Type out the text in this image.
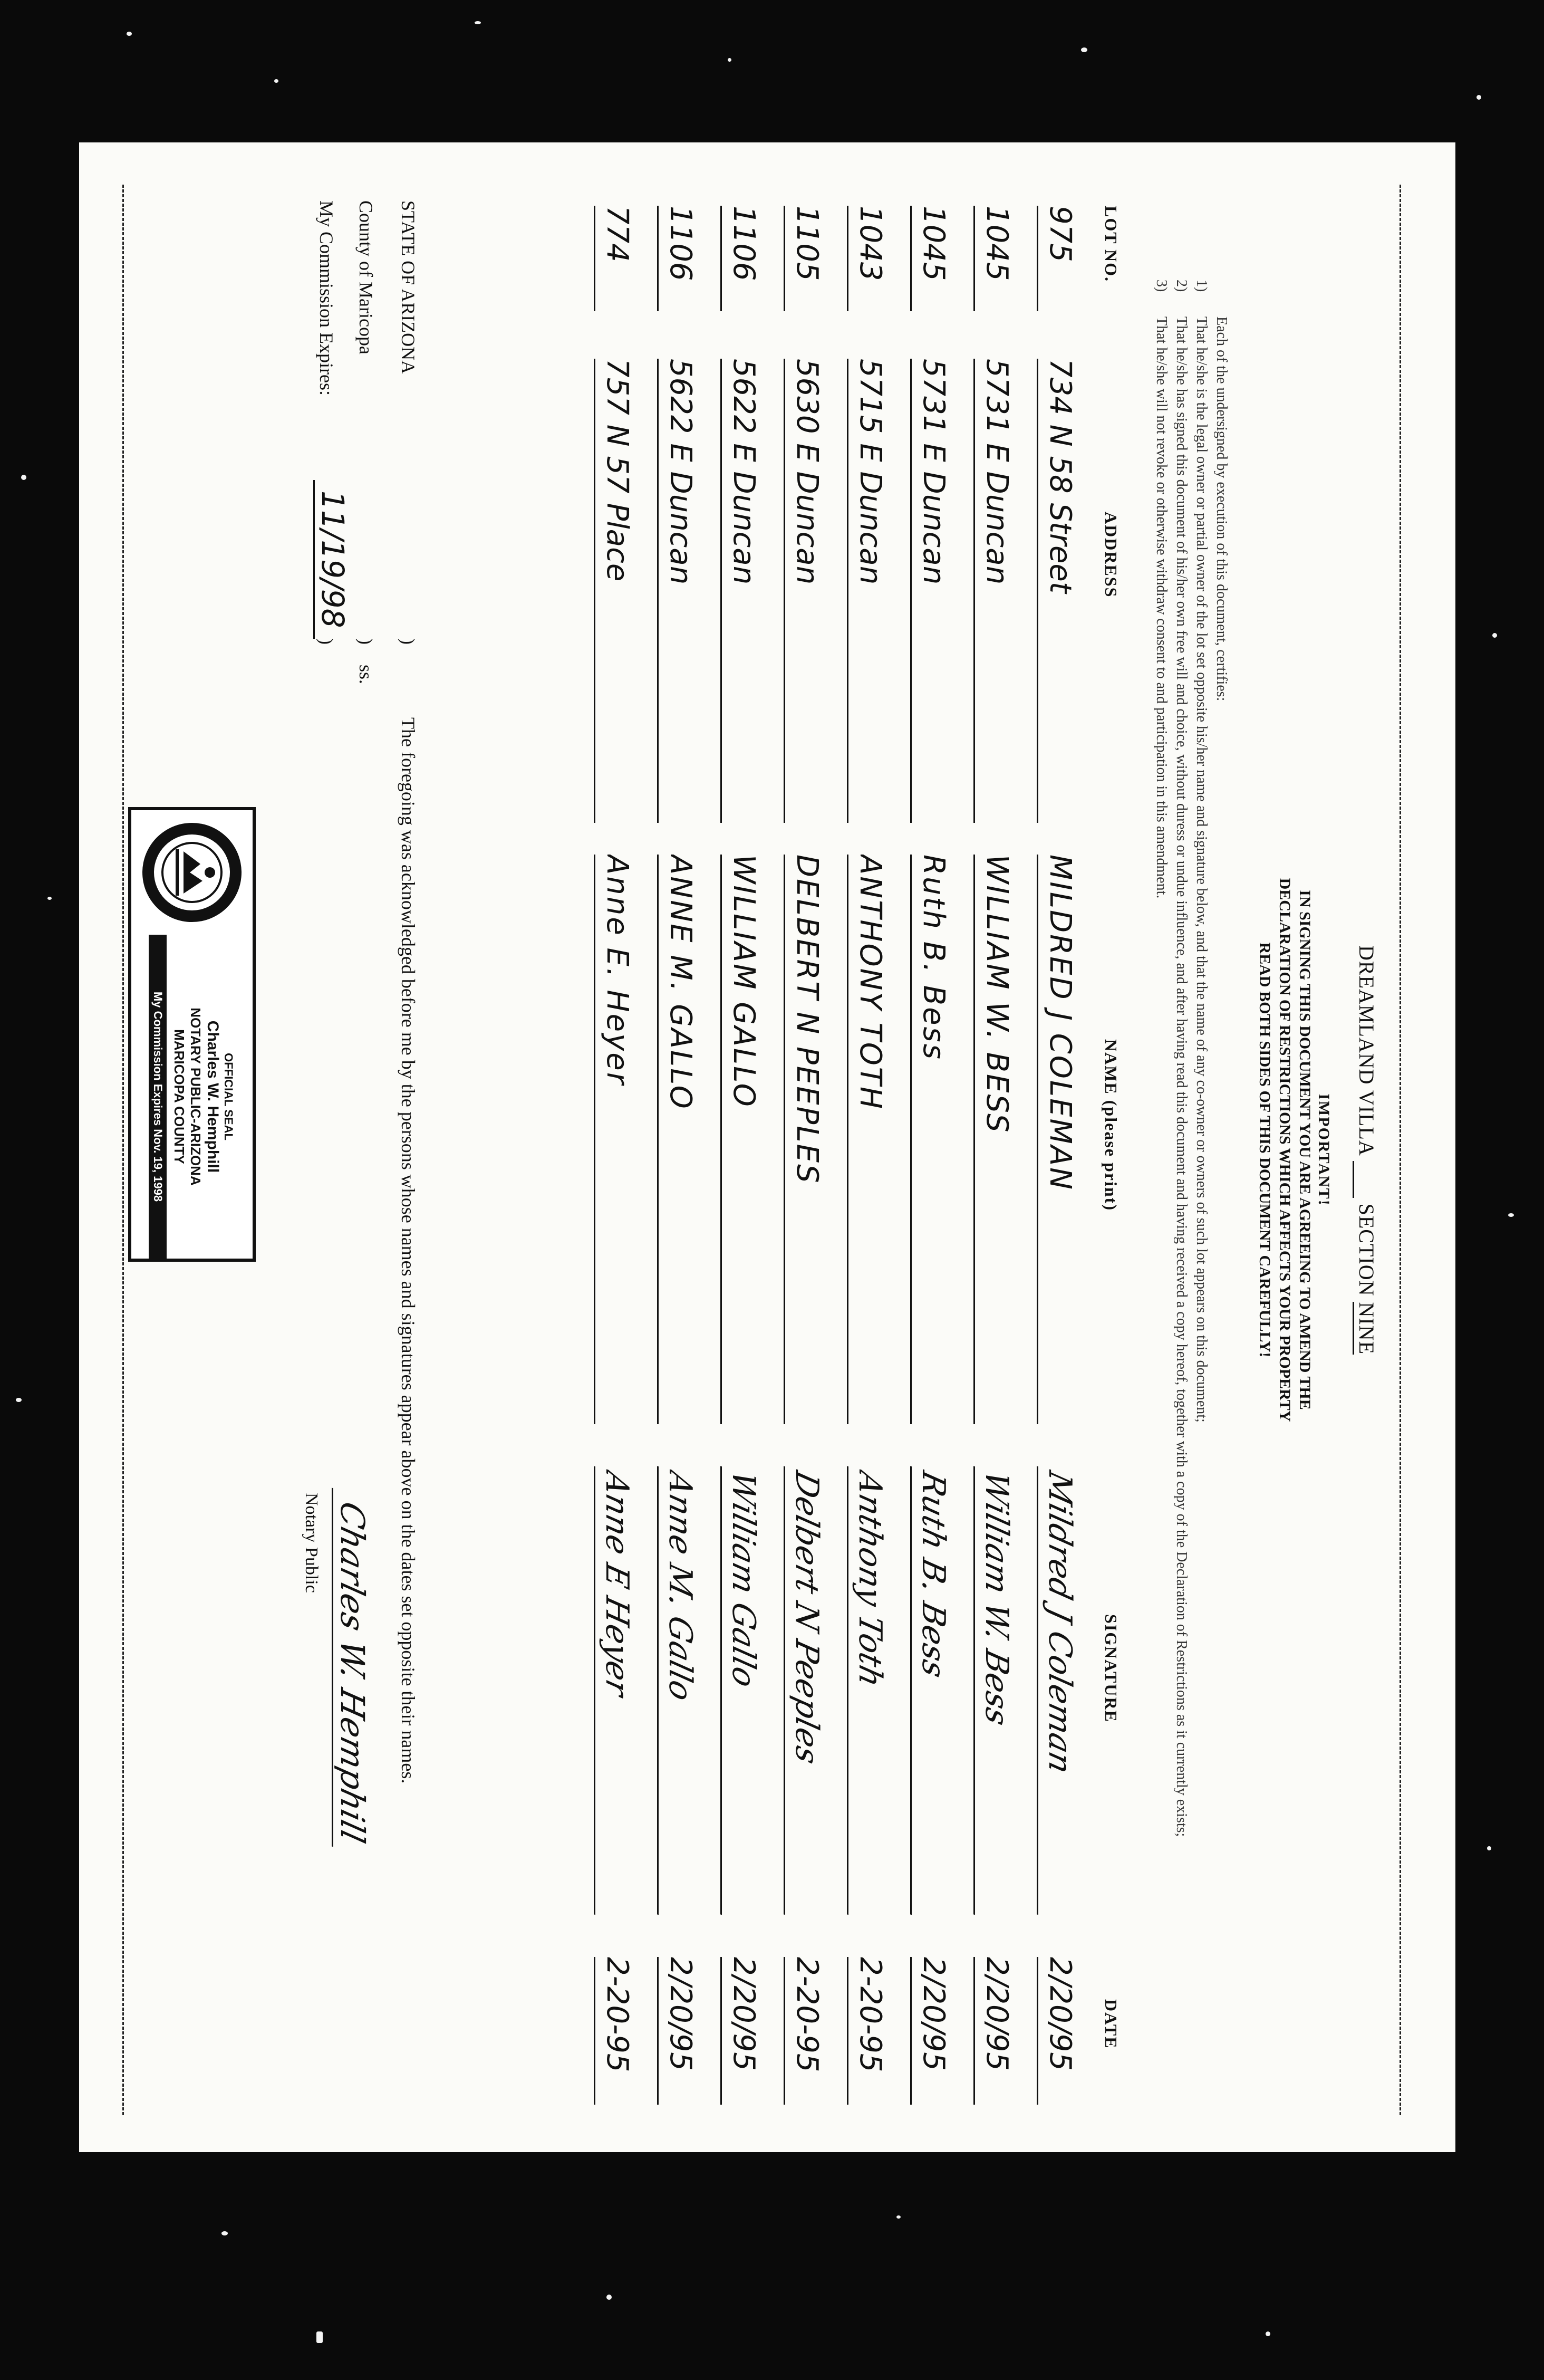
DREAMLAND VILLA   SECTION NINE
IMPORTANT!
IN SIGNING THIS DOCUMENT YOU ARE AGREEING TO AMEND THE
DECLARATION OF RESTRICTIONS WHICH AFFECTS YOUR PROPERTY
READ BOTH SIDES OF THIS DOCUMENT CAREFULLY!
Each of the undersigned by execution of this document, certifies:
1)
That he/she is the legal owner or partial owner of the lot set opposite his/her name and signature below, and that the name of any co-owner or owners of such lot appears on this document;
2)
That he/she has signed this document of his/her own free will and choice, without duress or undue influence, and after having read this document and having received a copy hereof, together with a copy of the Declaration of Restrictions as it currently exists;
3)
That he/she will not revoke or otherwise withdraw consent to and participation in this amendment.
LOT NO.
ADDRESS
NAME (please print)
SIGNATURE
DATE
975
734 N 58 Street
MILDRED J COLEMAN
Mildred J Coleman
2/20/95
1045
5731 E Duncan
WILLIAM W. BESS
William W. Bess
2/20/95
1045
5731 E Duncan
Ruth B. Bess
Ruth B. Bess
2/20/95
1043
5715 E Duncan
ANTHONY TOTH
Anthony Toth
2-20-95
1105
5630 E Duncan
DELBERT N PEEPLES
Delbert N Peeples
2-20-95
1106
5622 E Duncan
WILLIAM GALLO
William Gallo
2/20/95
1106
5622 E Duncan
ANNE M. GALLO
Anne M. Gallo
2/20/95
774
757 N 57 Place
Anne E. Heyer
Anne E Heyer
2-20-95
STATE OF ARIZONA
County of Maricopa
My Commission Expires:
)
)
)
ss.
The foregoing was acknowledged before me by the persons whose names and signatures appear above on the dates set opposite their names.
11/19/98
Charles W. Hemphill
Notary Public
OFFICIAL SEAL
Charles W. Hemphill
NOTARY PUBLIC-ARIZONA
MARICOPA COUNTY
My Commission Expires Nov. 19, 1998
